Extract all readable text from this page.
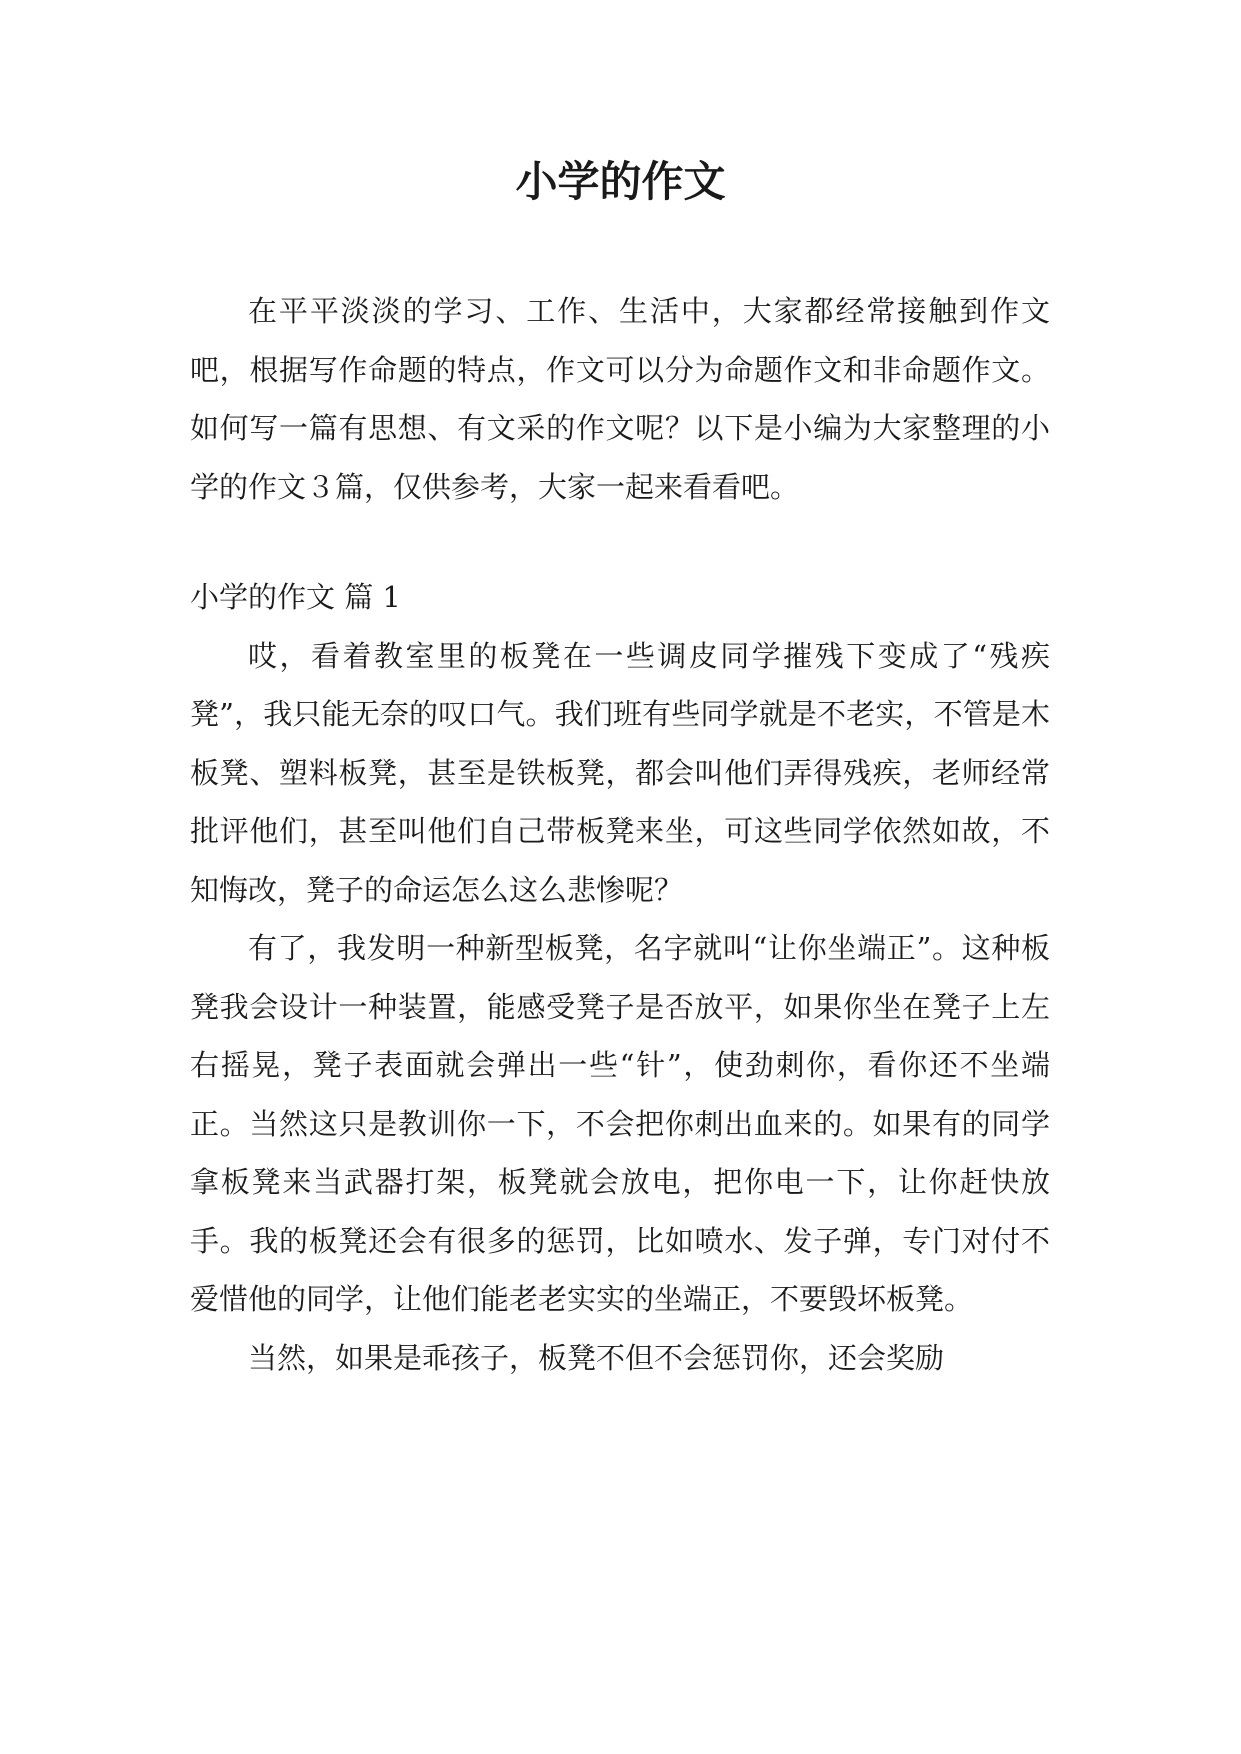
小学的作文

在平平淡淡的学习、工作、生活中，大家都经常接触到作文吧，根据写作命题的特点，作文可以分为命题作文和非命题作文。如何写一篇有思想、有文采的作文呢？以下是小编为大家整理的小学的作文３篇，仅供参考，大家一起来看看吧。

小学的作文 篇 1

哎，看着教室里的板凳在一些调皮同学摧残下变成了“残疾凳”，我只能无奈的叹口气。我们班有些同学就是不老实，不管是木板凳、塑料板凳，甚至是铁板凳，都会叫他们弄得残疾，老师经常批评他们，甚至叫他们自己带板凳来坐，可这些同学依然如故，不知悔改，凳子的命运怎么这么悲惨呢？

有了，我发明一种新型板凳，名字就叫“让你坐端正”。这种板凳我会设计一种装置，能感受凳子是否放平，如果你坐在凳子上左右摇晃，凳子表面就会弹出一些“针”，使劲刺你，看你还不坐端正。当然这只是教训你一下，不会把你刺出血来的。如果有的同学拿板凳来当武器打架，板凳就会放电，把你电一下，让你赶快放手。我的板凳还会有很多的惩罚，比如喷水、发子弹，专门对付不爱惜他的同学，让他们能老老实实的坐端正，不要毁坏板凳。

当然，如果是乖孩子，板凳不但不会惩罚你，还会奖励
